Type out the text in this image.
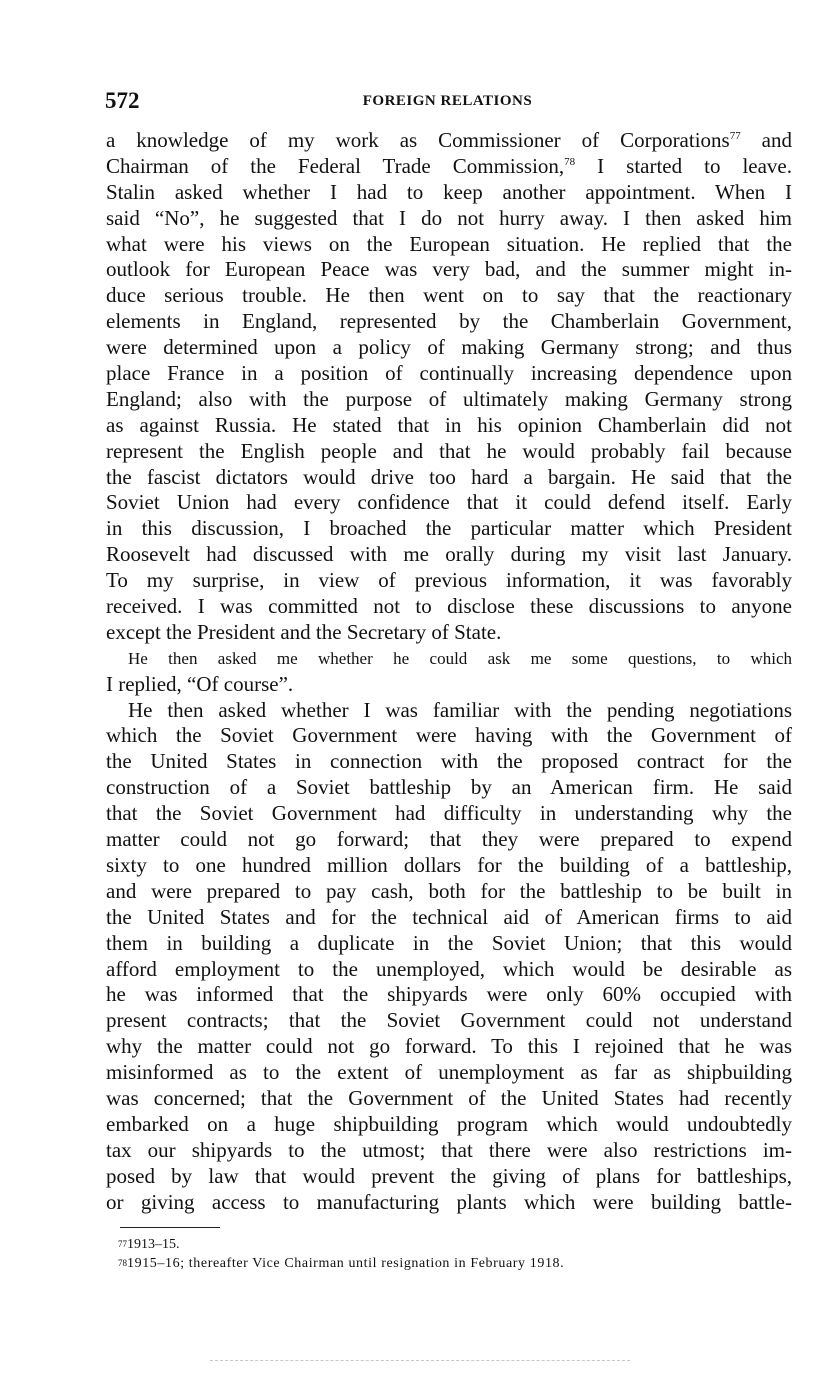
572	FOREIGN RELATIONS
a knowledge of my work as Commissioner of Corporations$^{77}$ and
Chairman of the Federal Trade Commission,$^{78}$ I started to leave.
Stalin asked whether I had to keep another appointment. When I
said “No”, he suggested that I do not hurry away. I then asked him
what were his views on the European situation. He replied that the
outlook for European Peace was very bad, and the summer might in-
duce serious trouble. He then went on to say that the reactionary
elements in England, represented by the Chamberlain Government,
were determined upon a policy of making Germany strong; and thus
place France in a position of continually increasing dependence upon
England; also with the purpose of ultimately making Germany strong
as against Russia. He stated that in his opinion Chamberlain did not
represent the English people and that he would probably fail because
the fascist dictators would drive too hard a bargain. He said that the
Soviet Union had every confidence that it could defend itself. Early
in this discussion, I broached the particular matter which President
Roosevelt had discussed with me orally during my visit last January.
To my surprise, in view of previous information, it was favorably
received. I was committed not to disclose these discussions to anyone
except the President and the Secretary of State.
He then asked me whether he could ask me some questions, to which
I replied, “Of course”.
He then asked whether I was familiar with the pending negotiations
which the Soviet Government were having with the Government of
the United States in connection with the proposed contract for the
construction of a Soviet battleship by an American firm. He said
that the Soviet Government had difficulty in understanding why the
matter could not go forward; that they were prepared to expend
sixty to one hundred million dollars for the building of a battleship,
and were prepared to pay cash, both for the battleship to be built in
the United States and for the technical aid of American firms to aid
them in building a duplicate in the Soviet Union; that this would
afford employment to the unemployed, which would be desirable as
he was informed that the shipyards were only 60% occupied with
present contracts; that the Soviet Government could not understand
why the matter could not go forward. To this I rejoined that he was
misinformed as to the extent of unemployment as far as shipbuilding
was concerned; that the Government of the United States had recently
embarked on a huge shipbuilding program which would undoubtedly
tax our shipyards to the utmost; that there were also restrictions im-
posed by law that would prevent the giving of plans for battleships,
or giving access to manufacturing plants which were building battle-
$^{77}$1913–15.
$^{78}$1915–16; thereafter Vice Chairman until resignation in February 1918.
